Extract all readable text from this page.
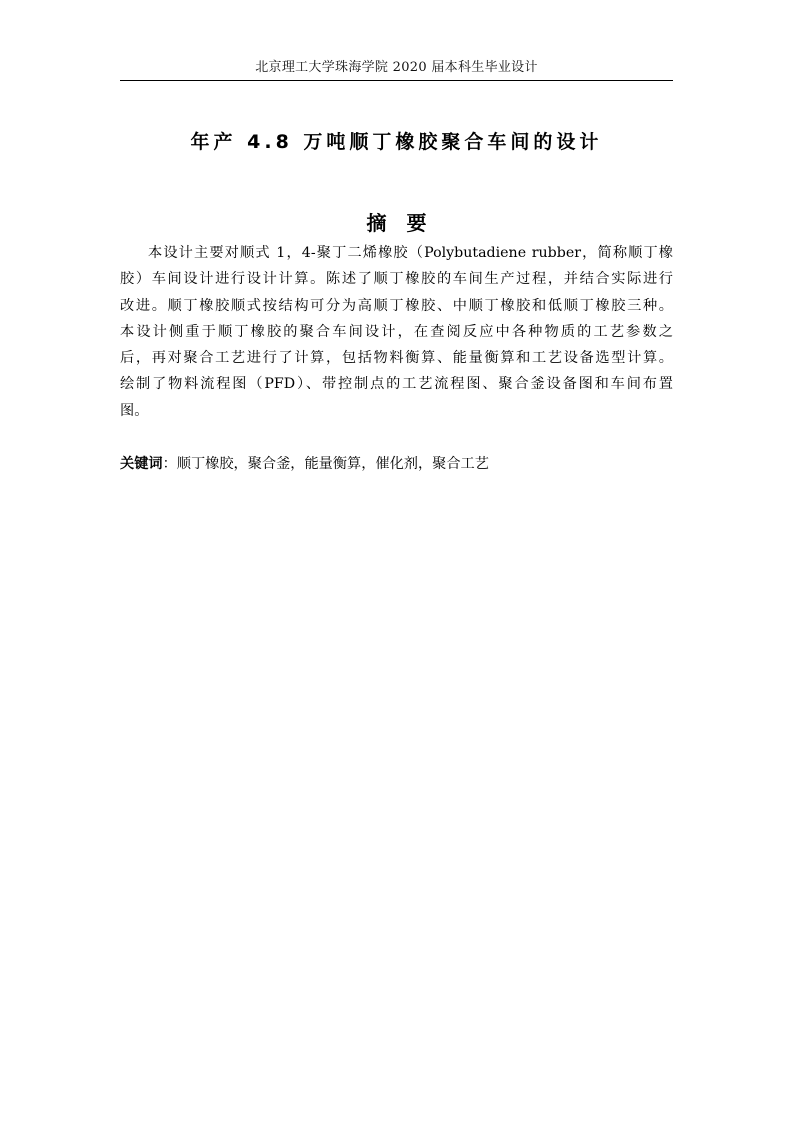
北京理工大学珠海学院 2020 届本科生毕业设计
年产 4.8 万吨顺丁橡胶聚合车间的设计
摘要
本设计主要对顺式 1，4-聚丁二烯橡胶（Polybutadiene rubber，简称顺丁橡
胶）车间设计进行设计计算。陈述了顺丁橡胶的车间生产过程，并结合实际进行
改进。顺丁橡胶顺式按结构可分为高顺丁橡胶、中顺丁橡胶和低顺丁橡胶三种。
本设计侧重于顺丁橡胶的聚合车间设计，在查阅反应中各种物质的工艺参数之
后，再对聚合工艺进行了计算，包括物料衡算、能量衡算和工艺设备选型计算。
绘制了物料流程图（PFD）、带控制点的工艺流程图、聚合釜设备图和车间布置
图。
关键词：顺丁橡胶，聚合釜，能量衡算，催化剂，聚合工艺
